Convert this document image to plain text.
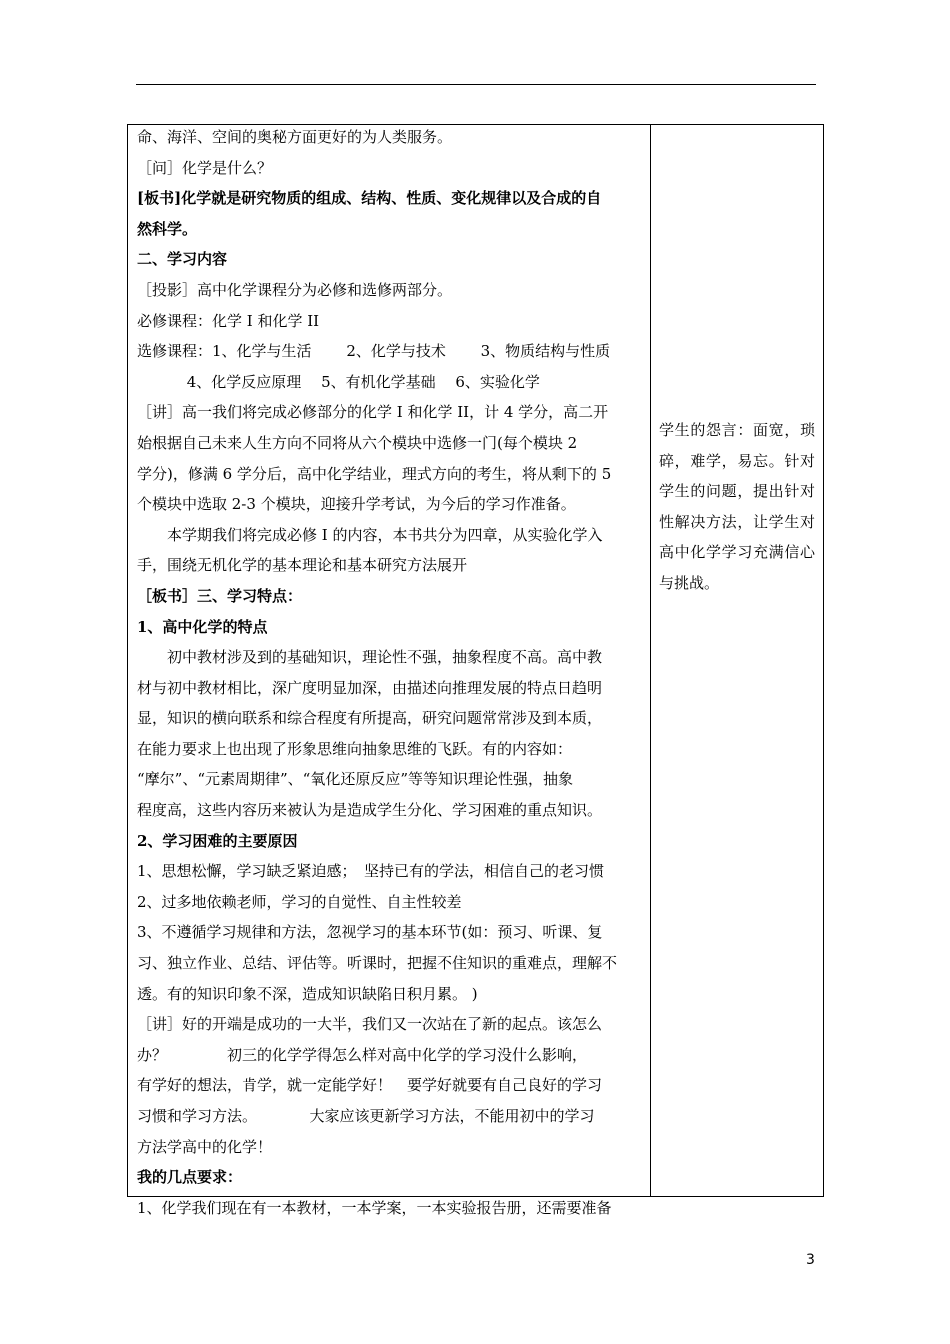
命、海洋、空间的奥秘方面更好的为人类服务。
［问］化学是什么？
[板书]化学就是研究物质的组成、结构、性质、变化规律以及合成的自
然科学。
二、学习内容
［投影］高中化学课程分为必修和选修两部分。
必修课程：化学 I 和化学 II
选修课程：1、化学与生活　　 2、化学与技术　　 3、物质结构与性质
　　　 4、化学反应原理　 5、有机化学基础　 6、实验化学
［讲］高一我们将完成必修部分的化学 I 和化学 II，计 4 学分，高二开
始根据自己未来人生方向不同将从六个模块中选修一门(每个模块 2
学分)，修满 6 学分后，高中化学结业，理式方向的考生，将从剩下的 5
个模块中选取 2-3 个模块，迎接升学考试，为今后的学习作准备。
本学期我们将完成必修 I 的内容，本书共分为四章，从实验化学入
手，围绕无机化学的基本理论和基本研究方法展开
［板书］三、学习特点：
1、高中化学的特点
初中教材涉及到的基础知识，理论性不强，抽象程度不高。高中教
材与初中教材相比，深广度明显加深，由描述向推理发展的特点日趋明
显，知识的横向联系和综合程度有所提高，研究问题常常涉及到本质，
在能力要求上也出现了形象思维向抽象思维的飞跃。有的内容如：
“摩尔”、“元素周期律”、“氧化还原反应”等等知识理论性强，抽象
程度高，这些内容历来被认为是造成学生分化、学习困难的重点知识。
2、学习困难的主要原因
1、思想松懈，学习缺乏紧迫感；　坚持已有的学法，相信自己的老习惯
2、过多地依赖老师，学习的自觉性、自主性较差
3、不遵循学习规律和方法，忽视学习的基本环节(如：预习、听课、复
习、独立作业、总结、评估等。听课时，把握不住知识的重难点，理解不
透。有的知识印象不深，造成知识缺陷日积月累。 )
［讲］好的开端是成功的一大半，我们又一次站在了新的起点。该怎么
办？　　　　初三的化学学得怎么样对高中化学的学习没什么影响，
有学好的想法，肯学，就一定能学好！　要学好就要有自己良好的学习
习惯和学习方法。　　　　大家应该更新学习方法，不能用初中的学习
方法学高中的化学！
我的几点要求：
1、化学我们现在有一本教材，一本学案，一本实验报告册，还需要准备
学生的怨言：面宽，琐碎，难学，易忘。针对学生的问题，提出针对性解决方法，让学生对高中化学学习充满信心与挑战。
3
